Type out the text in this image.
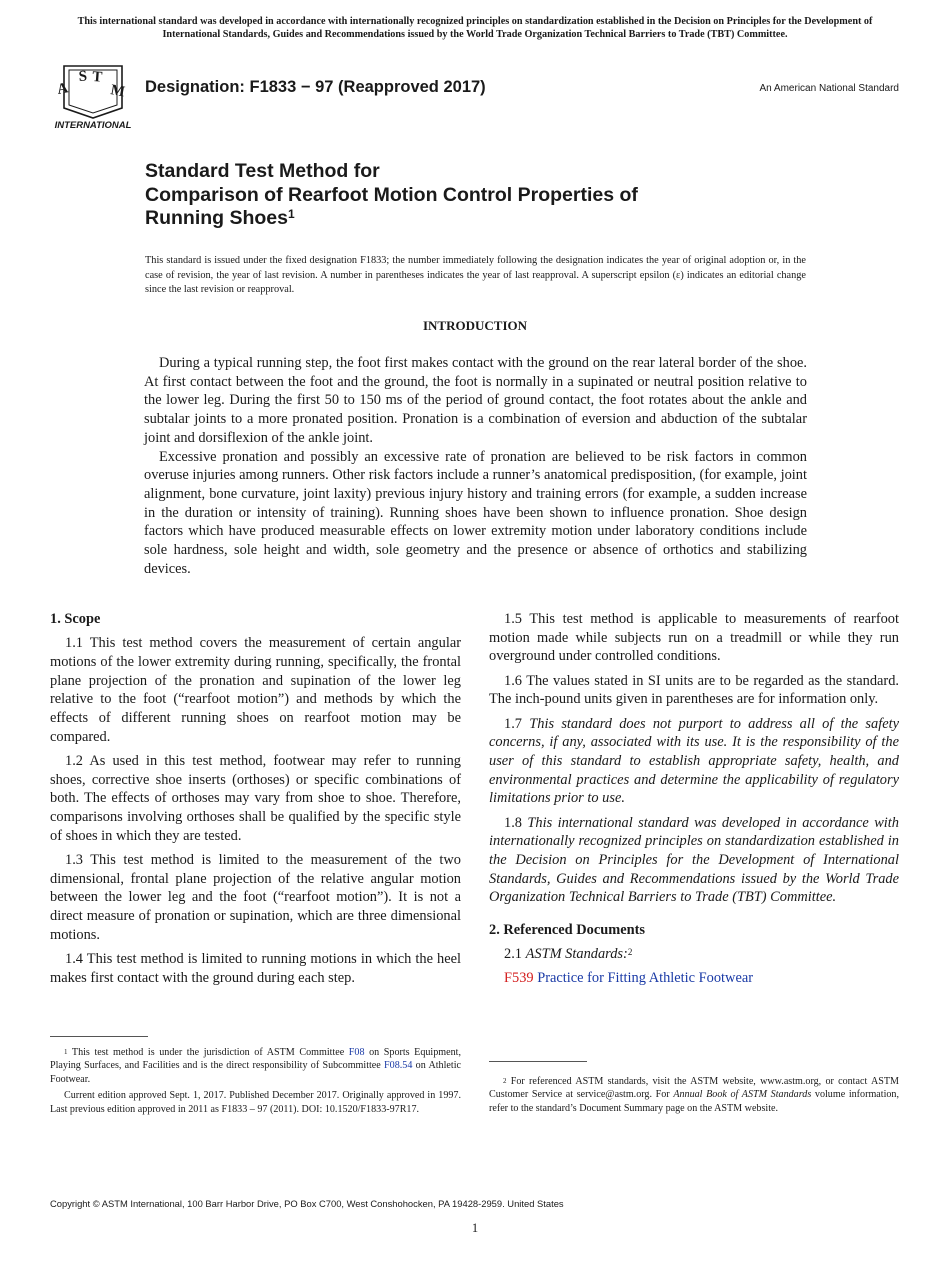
This international standard was developed in accordance with internationally recognized principles on standardization established in the Decision on Principles for the Development of International Standards, Guides and Recommendations issued by the World Trade Organization Technical Barriers to Trade (TBT) Committee.
A
S T
M
INTERNATIONAL
Designation: F1833 − 97 (Reapproved 2017)	An American National Standard
Standard Test Method for
Comparison of Rearfoot Motion Control Properties of
Running Shoes$^1$
This standard is issued under the fixed designation F1833; the number immediately following the designation indicates the year of original adoption or, in the case of revision, the year of last revision. A number in parentheses indicates the year of last reapproval. A superscript epsilon (ε) indicates an editorial change since the last revision or reapproval.
INTRODUCTION

During a typical running step, the foot first makes contact with the ground on the rear lateral border of the shoe. At first contact between the foot and the ground, the foot is normally in a supinated or neutral position relative to the lower leg. During the first 50 to 150 ms of the period of ground contact, the foot rotates about the ankle and subtalar joints to a more pronated position. Pronation is a combination of eversion and abduction of the subtalar joint and dorsiflexion of the ankle joint.

Excessive pronation and possibly an excessive rate of pronation are believed to be risk factors in common overuse injuries among runners. Other risk factors include a runner’s anatomical predisposition, (for example, joint alignment, bone curvature, joint laxity) previous injury history and training errors (for example, a sudden increase in the duration or intensity of training). Running shoes have been shown to influence pronation. Shoe design factors which have produced measurable effects on lower extremity motion under laboratory conditions include sole hardness, sole height and width, sole geometry and the presence or absence of orthotics and stabilizing devices.

1. Scope

1.1 This test method covers the measurement of certain angular motions of the lower extremity during running, specifically, the frontal plane projection of the pronation and supination of the lower leg relative to the foot (“rearfoot motion”) and methods by which the effects of different running shoes on rearfoot motion may be compared.

1.2 As used in this test method, footwear may refer to running shoes, corrective shoe inserts (orthoses) or specific combinations of both. The effects of orthoses may vary from shoe to shoe. Therefore, comparisons involving orthoses shall be qualified by the specific style of shoes in which they are tested.

1.3 This test method is limited to the measurement of the two dimensional, frontal plane projection of the relative angular motion between the lower leg and the foot (“rearfoot motion”). It is not a direct measure of pronation or supination, which are three dimensional motions.

1.4 This test method is limited to running motions in which the heel makes first contact with the ground during each step.

1.5 This test method is applicable to measurements of rearfoot motion made while subjects run on a treadmill or while they run overground under controlled conditions.

1.6 The values stated in SI units are to be regarded as the standard. The inch-pound units given in parentheses are for information only.

1.7 This standard does not purport to address all of the safety concerns, if any, associated with its use. It is the responsibility of the user of this standard to establish appropriate safety, health, and environmental practices and determine the applicability of regulatory limitations prior to use.

1.8 This international standard was developed in accordance with internationally recognized principles on standardization established in the Decision on Principles for the Development of International Standards, Guides and Recommendations issued by the World Trade Organization Technical Barriers to Trade (TBT) Committee.

2. Referenced Documents

2.1 ASTM Standards:$^2$

F539 Practice for Fitting Athletic Footwear

$^1$ This test method is under the jurisdiction of ASTM Committee F08 on Sports Equipment, Playing Surfaces, and Facilities and is the direct responsibility of Subcommittee F08.54 on Athletic Footwear.

Current edition approved Sept. 1, 2017. Published December 2017. Originally approved in 1997. Last previous edition approved in 2011 as F1833 – 97 (2011). DOI: 10.1520/F1833-97R17.

$^2$ For referenced ASTM standards, visit the ASTM website, www.astm.org, or contact ASTM Customer Service at service@astm.org. For Annual Book of ASTM Standards volume information, refer to the standard’s Document Summary page on the ASTM website.

Copyright © ASTM International, 100 Barr Harbor Drive, PO Box C700, West Conshohocken, PA 19428-2959. United States
1
